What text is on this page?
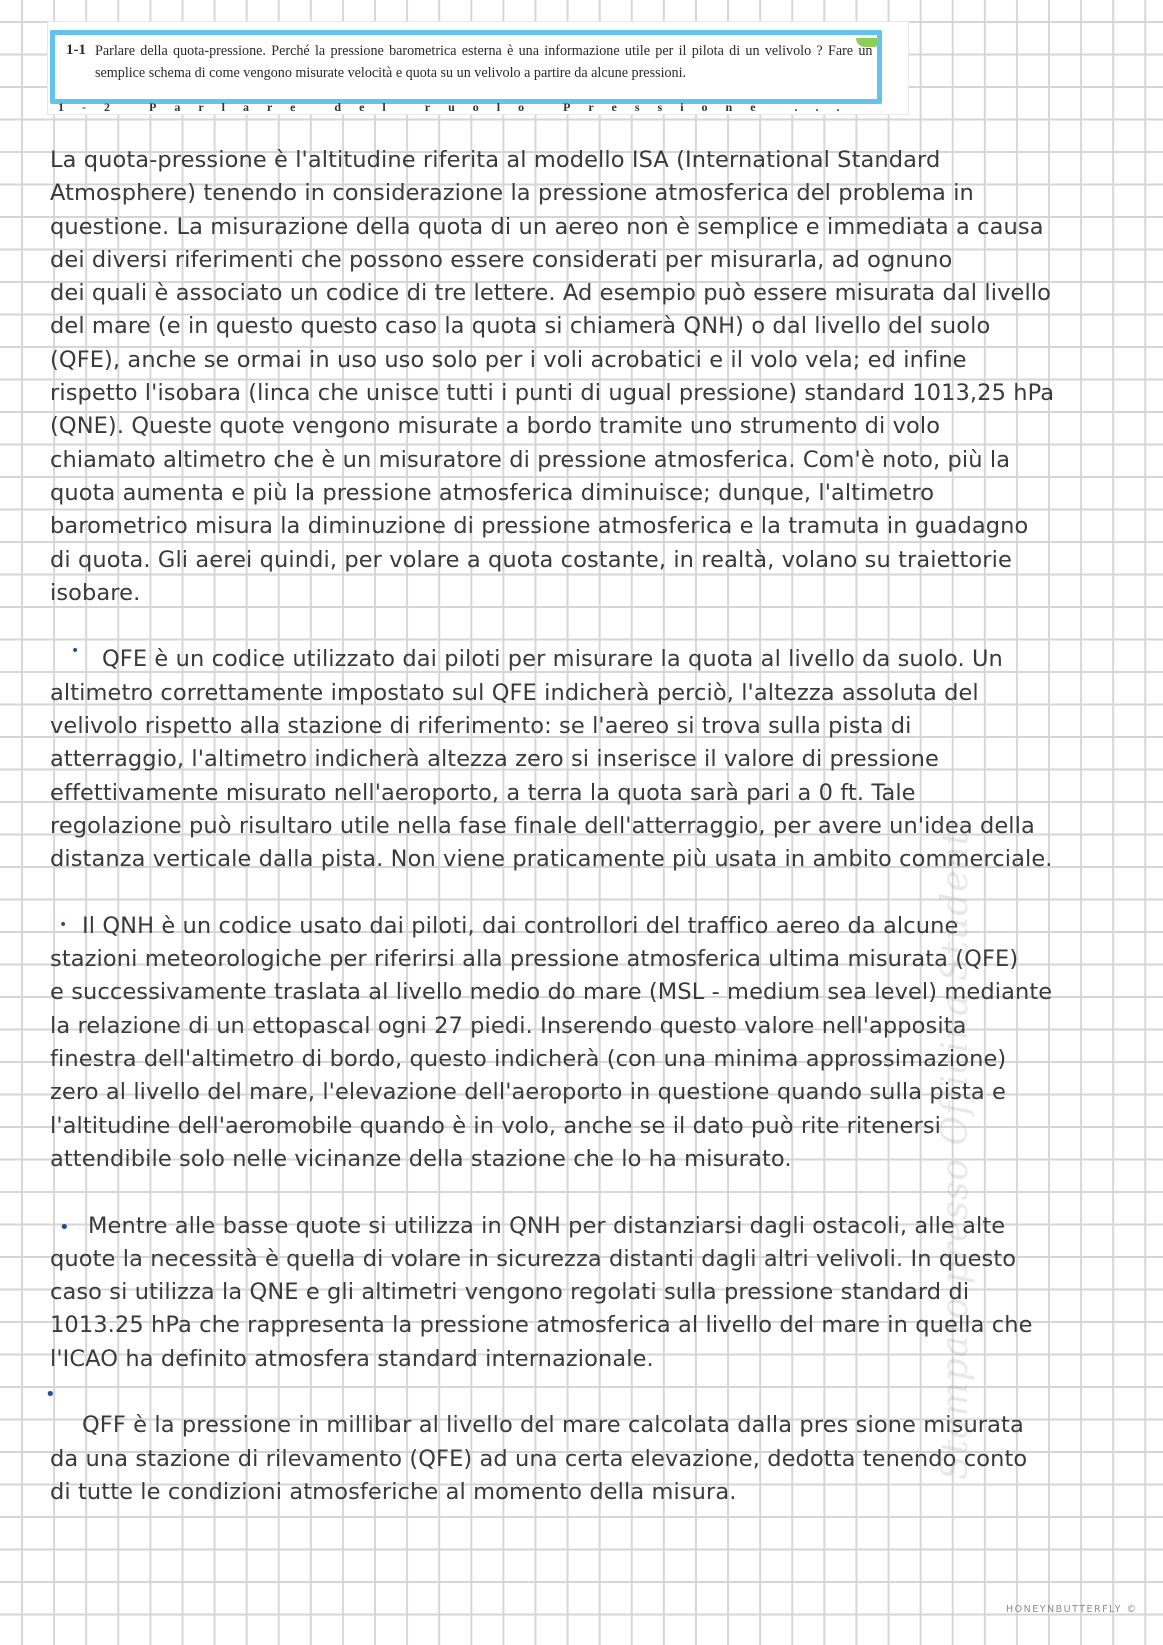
1-1 Parlare della quota-pressione. Perché la pressione barometrica esterna è una informazione utile per il pilota di un velivolo ? Fare un semplice schema di come vengono misurate velocità e quota su un velivolo a partire da alcune pressioni.
1-2 Parlare del ruolo Pressione ...
La quota-pressione è l'altitudine riferita al modello ISA (International Standard
Atmosphere) tenendo in considerazione la pressione atmosferica del problema in
questione. La misurazione della quota di un aereo non è semplice e immediata a causa
dei diversi riferimenti che possono essere considerati per misurarla, ad ognuno
dei quali è associato un codice di tre lettere. Ad esempio può essere misurata dal livello
del mare (e in questo questo caso la quota si chiamerà QNH) o dal livello del suolo
(QFE), anche se ormai in uso uso solo per i voli acrobatici e il volo vela; ed infine
rispetto l'isobara (linca che unisce tutti i punti di ugual pressione) standard 1013,25 hPa
(QNE). Queste quote vengono misurate a bordo tramite uno strumento di volo
chiamato altimetro che è un misuratore di pressione atmosferica. Com'è noto, più la
quota aumenta e più la pressione atmosferica diminuisce; dunque, l'altimetro
barometrico misura la diminuzione di pressione atmosferica e la tramuta in guadagno
di quota. Gli aerei quindi, per volare a quota costante, in realtà, volano su traiettorie
isobare.
• QFE è un codice utilizzato dai piloti per misurare la quota al livello da suolo. Un
altimetro correttamente impostato sul QFE indicherà perciò, l'altezza assoluta del
velivolo rispetto alla stazione di riferimento: se l'aereo si trova sulla pista di
atterraggio, l'altimetro indicherà altezza zero si inserisce il valore di pressione
effettivamente misurato nell'aeroporto, a terra la quota sarà pari a 0 ft. Tale
regolazione può risultaro utile nella fase finale dell'atterraggio, per avere un'idea della
distanza verticale dalla pista. Non viene praticamente più usata in ambito commerciale.
• Il QNH è un codice usato dai piloti, dai controllori del traffico aereo da alcune
stazioni meteorologiche per riferirsi alla pressione atmosferica ultima misurata (QFE)
e successivamente traslata al livello medio do mare (MSL - medium sea level) mediante
la relazione di un ettopascal ogni 27 piedi. Inserendo questo valore nell'apposita
finestra dell'altimetro di bordo, questo indicherà (con una minima approssimazione)
zero al livello del mare, l'elevazione dell'aeroporto in questione quando sulla pista e
l'altitudine dell'aeromobile quando è in volo, anche se il dato può rite ritenersi
attendibile solo nelle vicinanze della stazione che lo ha misurato.
• Mentre alle basse quote si utilizza in QNH per distanziarsi dagli ostacoli, alle alte
quote la necessità è quella di volare in sicurezza distanti dagli altri velivoli. In questo
caso si utilizza la QNE e gli altimetri vengono regolati sulla pressione standard di
1013.25 hPa che rappresenta la pressione atmosferica al livello del mare in quella che
l'ICAO ha definito atmosfera standard internazionale.
•
QFF è la pressione in millibar al livello del mare calcolata dalla pres sione misurata
da una stazione di rilevamento (QFE) ad una certa elevazione, dedotta tenendo conto
di tutte le condizioni atmosferiche al momento della misura.
Stampato presso Officina Studenti
HONEYNBUTTERFLY ©
